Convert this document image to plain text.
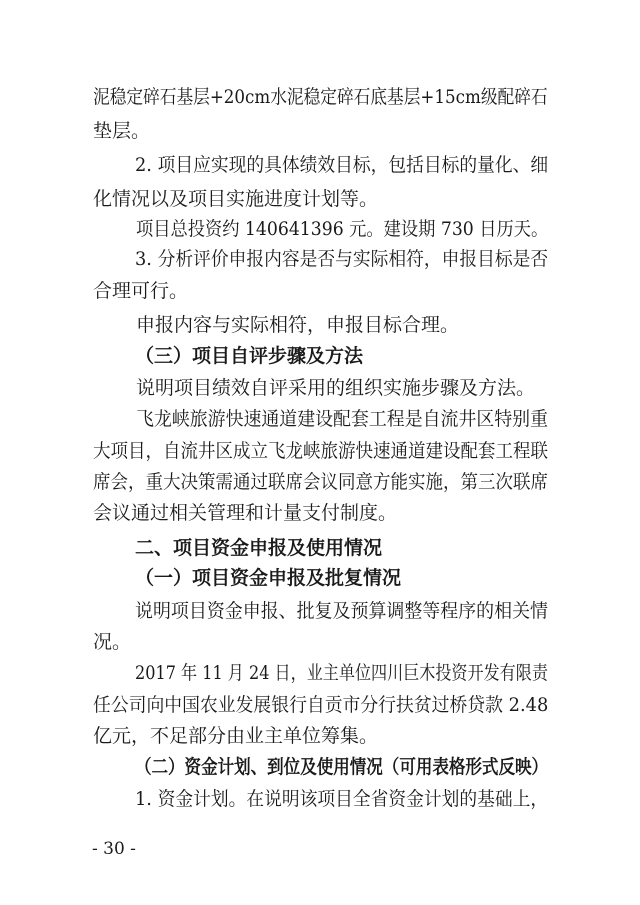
泥稳定碎石基层+20cm水泥稳定碎石底基层+15cm级配碎石
垫层。
2. 项目应实现的具体绩效目标，包括目标的量化、细
化情况以及项目实施进度计划等。
项目总投资约 140641396 元。建设期 730 日历天。
3. 分析评价申报内容是否与实际相符，申报目标是否
合理可行。
申报内容与实际相符，申报目标合理。
（三）项目自评步骤及方法
说明项目绩效自评采用的组织实施步骤及方法。
飞龙峡旅游快速通道建设配套工程是自流井区特别重
大项目，自流井区成立飞龙峡旅游快速通道建设配套工程联
席会，重大决策需通过联席会议同意方能实施，第三次联席
会议通过相关管理和计量支付制度。
二、项目资金申报及使用情况
（一）项目资金申报及批复情况
说明项目资金申报、批复及预算调整等程序的相关情
况。
2017 年 11 月 24 日，业主单位四川巨木投资开发有限责
任公司向中国农业发展银行自贡市分行扶贫过桥贷款 2.48
亿元，不足部分由业主单位筹集。
（二）资金计划、到位及使用情况（可用表格形式反映）
1. 资金计划。在说明该项目全省资金计划的基础上，
- 30 -
